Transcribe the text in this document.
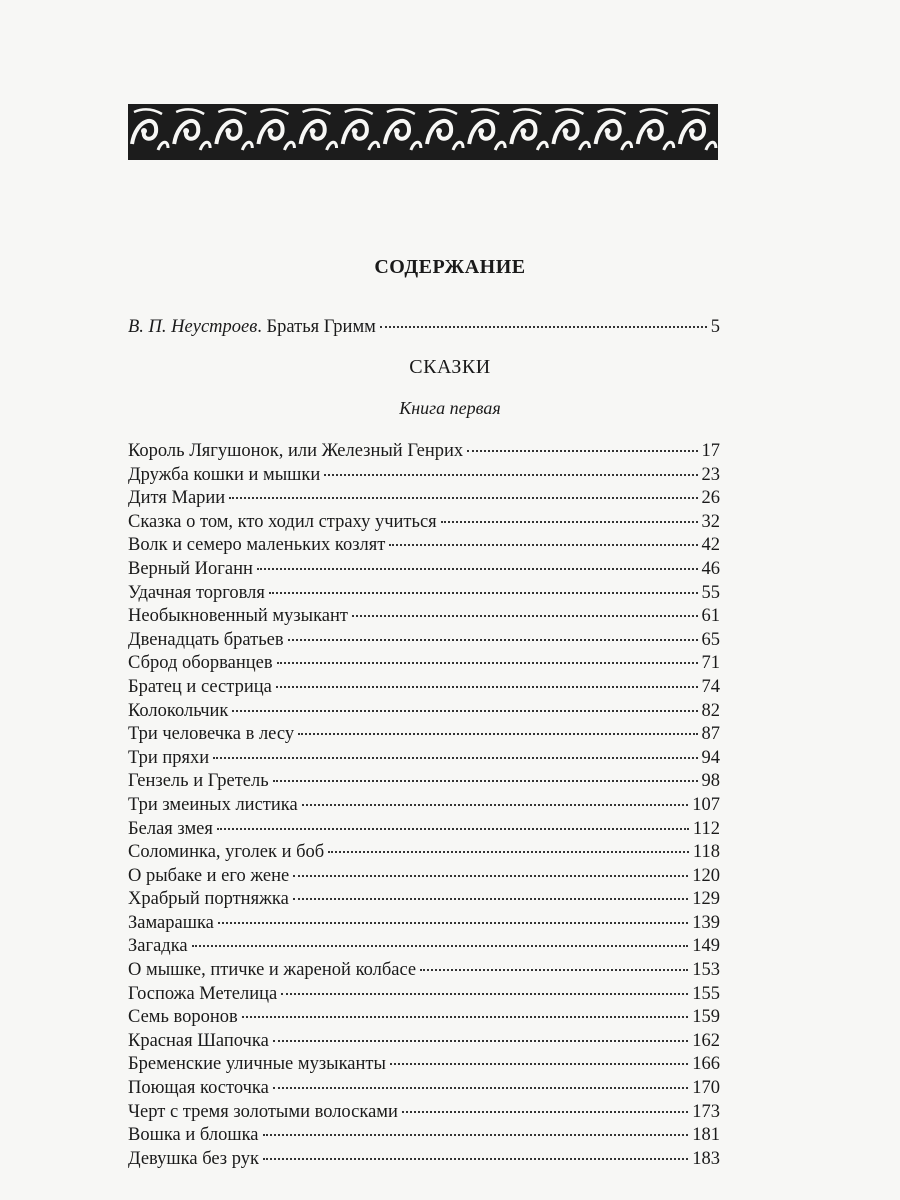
СОДЕРЖАНИЕ
В. П. Неустроев. Братья Гримм	5
СКАЗКИ
Книга первая
Король Лягушонок, или Железный Генрих	17
Дружба кошки и мышки	23
Дитя Марии	26
Сказка о том, кто ходил страху учиться	32
Волк и семеро маленьких козлят	42
Верный Иоганн	46
Удачная торговля	55
Необыкновенный музыкант	61
Двенадцать братьев	65
Сброд оборванцев	71
Братец и сестрица	74
Колокольчик	82
Три человечка в лесу	87
Три пряхи	94
Гензель и Гретель	98
Три змеиных листика	107
Белая змея	112
Соломинка, уголек и боб	118
О рыбаке и его жене	120
Храбрый портняжка	129
Замарашка	139
Загадка	149
О мышке, птичке и жареной колбасе	153
Госпожа Метелица	155
Семь воронов	159
Красная Шапочка	162
Бременские уличные музыканты	166
Поющая косточка	170
Черт с тремя золотыми волосками	173
Вошка и блошка	181
Девушка без рук	183
